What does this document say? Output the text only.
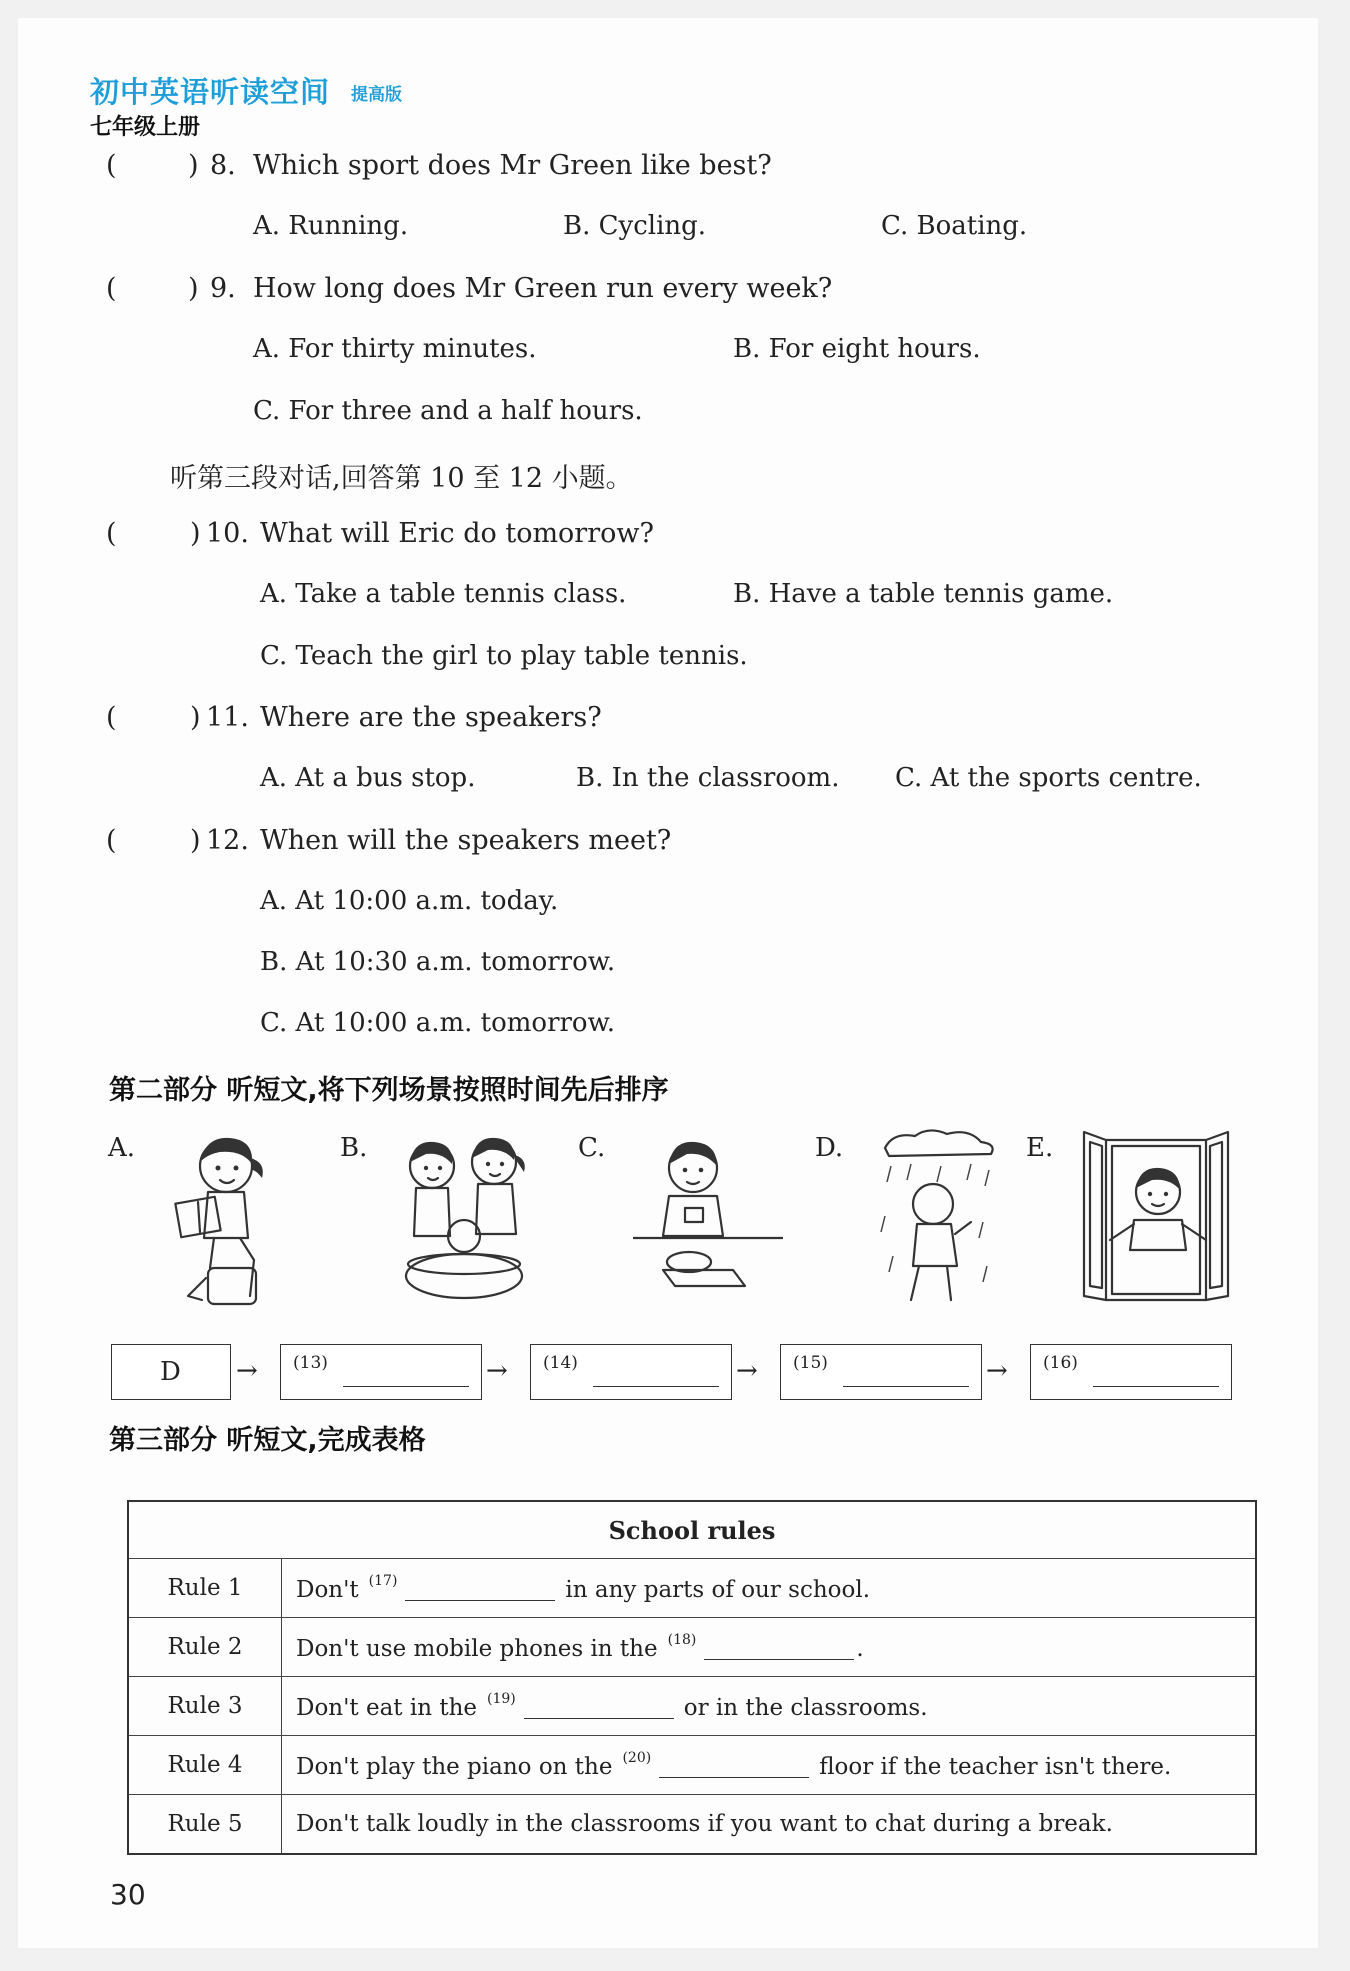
初中英语听读空间 提高版
七年级上册
(	) 8. Which sport does Mr Green like best?
A. Running.	B. Cycling.	C. Boating.
(	) 9. How long does Mr Green run every week?
A. For thirty minutes.	B. For eight hours.
C. For three and a half hours.
听第三段对话,回答第 10 至 12 小题。
(	) 10. What will Eric do tomorrow?
A. Take a table tennis class.	B. Have a table tennis game.
C. Teach the girl to play table tennis.
(	) 11. Where are the speakers?
A. At a bus stop.	B. In the classroom. C. At the sports centre.
(	) 12. When will the speakers meet?
A. At 10:00 a.m. today.
B. At 10:30 a.m. tomorrow.
C. At 10:00 a.m. tomorrow.
第二部分 听短文,将下列场景按照时间先后排序
A.	B.	C.	D.	E.
D → (13)	→ (14)	→ (15)	→ (16)
第三部分 听短文,完成表格
School rules	
Rule 1	Don't $^{(17)}$ in any parts of our school.
Rule 2	Don't use mobile phones in the $^{(18)}$ .
Rule 3	Don't eat in the $^{(19)}$ or in the classrooms.
Rule 4	Don't play the piano on the $^{(20)}$ floor if the teacher isn't there.
Rule 5	Don't talk loudly in the classrooms if you want to chat during a break.
30
